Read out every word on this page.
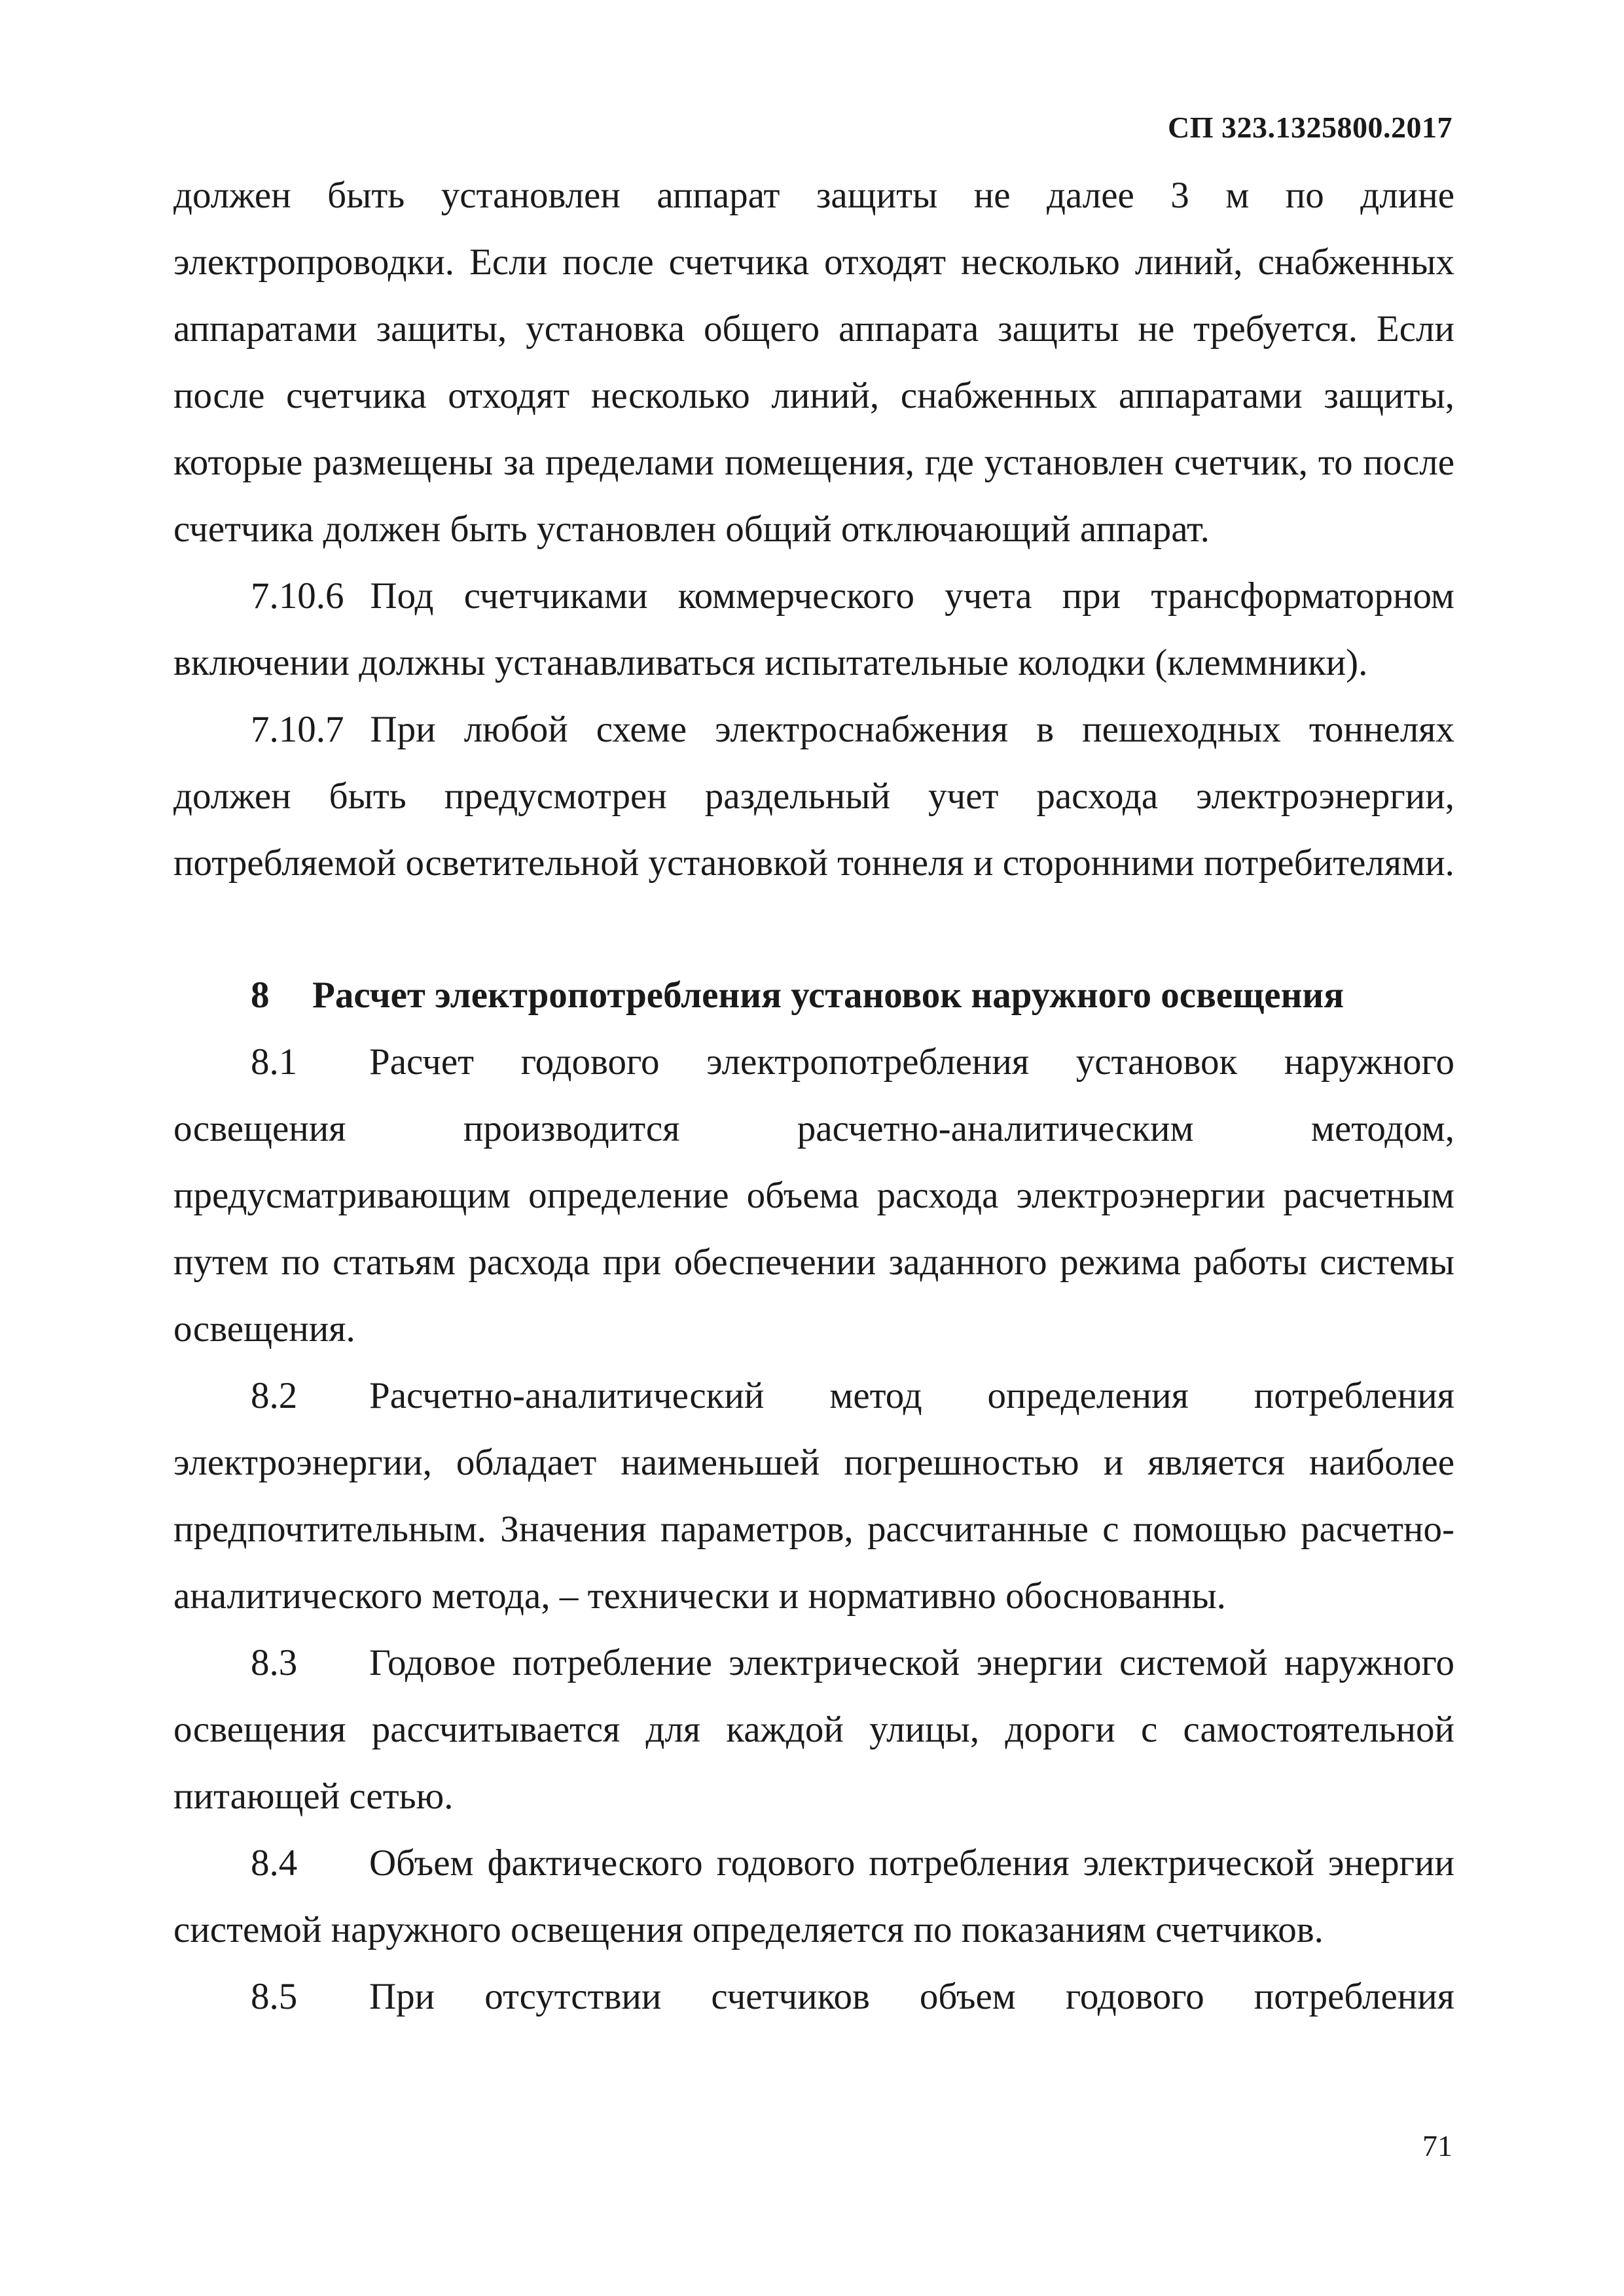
СП 323.1325800.2017

должен быть установлен аппарат защиты не далее 3 м по длине электропроводки. Если после счетчика отходят несколько линий, снабженных аппаратами защиты, установка общего аппарата защиты не требуется. Если после счетчика отходят несколько линий, снабженных аппаратами защиты, которые размещены за пределами помещения, где установлен счетчик, то после счетчика должен быть установлен общий отключающий аппарат.

7.10.6 Под счетчиками коммерческого учета при трансформаторном включении должны устанавливаться испытательные колодки (клеммники).

7.10.7 При любой схеме электроснабжения в пешеходных тоннелях должен быть предусмотрен раздельный учет расхода электроэнергии, потребляемой осветительной установкой тоннеля и сторонними потребителями.

8 Расчет электропотребления установок наружного освещения

8.1 Расчет годового электропотребления установок наружного освещения производится расчетно-аналитическим методом, предусматривающим определение объема расхода электроэнергии расчетным путем по статьям расхода при обеспечении заданного режима работы системы освещения.

8.2 Расчетно-аналитический метод определения потребления электроэнергии, обладает наименьшей погрешностью и является наиболее предпочтительным. Значения параметров, рассчитанные с помощью расчетно-аналитического метода, – технически и нормативно обоснованны.

8.3 Годовое потребление электрической энергии системой наружного освещения рассчитывается для каждой улицы, дороги с самостоятельной питающей сетью.

8.4 Объем фактического годового потребления электрической энергии системой наружного освещения определяется по показаниям счетчиков.

8.5 При отсутствии счетчиков объем годового потребления

71
